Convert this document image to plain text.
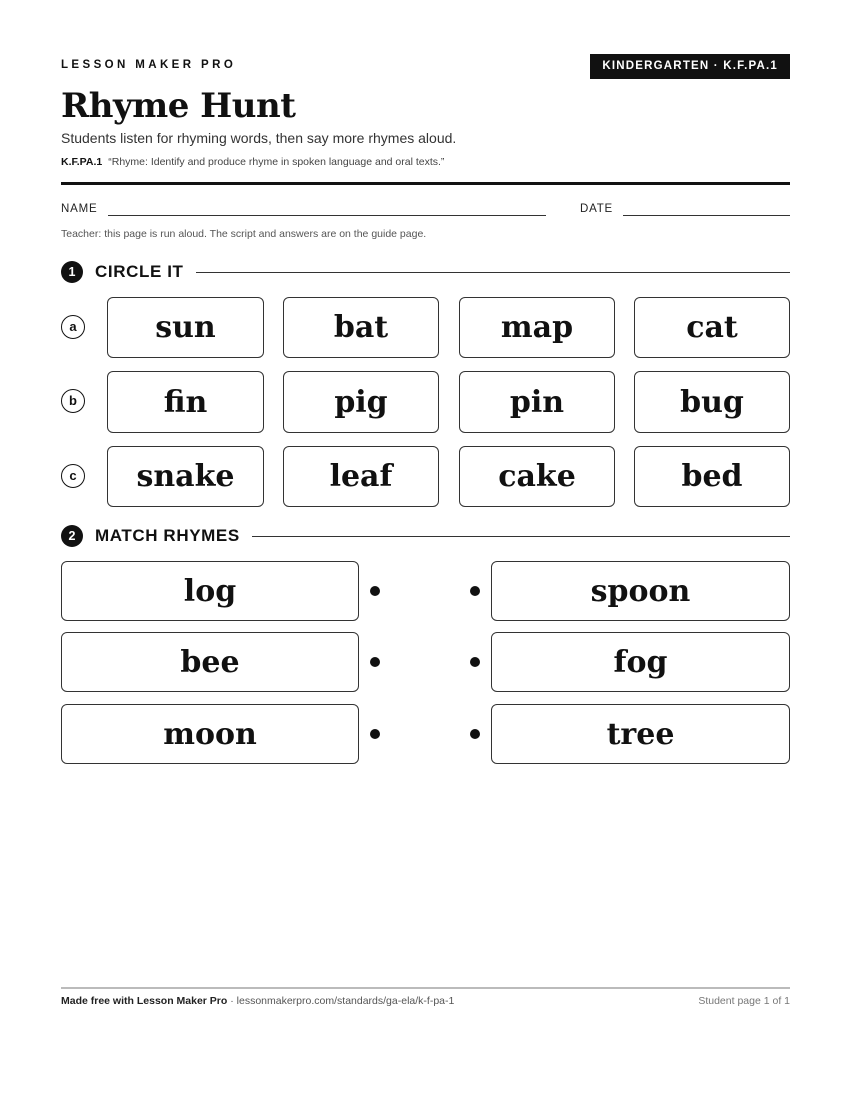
LESSON MAKER PRO	KINDERGARTEN · K.F.PA.1
Rhyme Hunt
Students listen for rhyming words, then say more rhymes aloud.
K.F.PA.1 “Rhyme: Identify and produce rhyme in spoken language and oral texts.”
NAME	DATE
Teacher: this page is run aloud. The script and answers are on the guide page.
1	CIRCLE IT
a	sun	bat	map	cat
b	fin	pig	pin	bug
c	snake	leaf	cake	bed
2	MATCH RHYMES
log	spoon
bee	fog
moon	tree
Made free with Lesson Maker Pro · lessonmakerpro.com/standards/ga-ela/k-f-pa-1	Student page 1 of 1
